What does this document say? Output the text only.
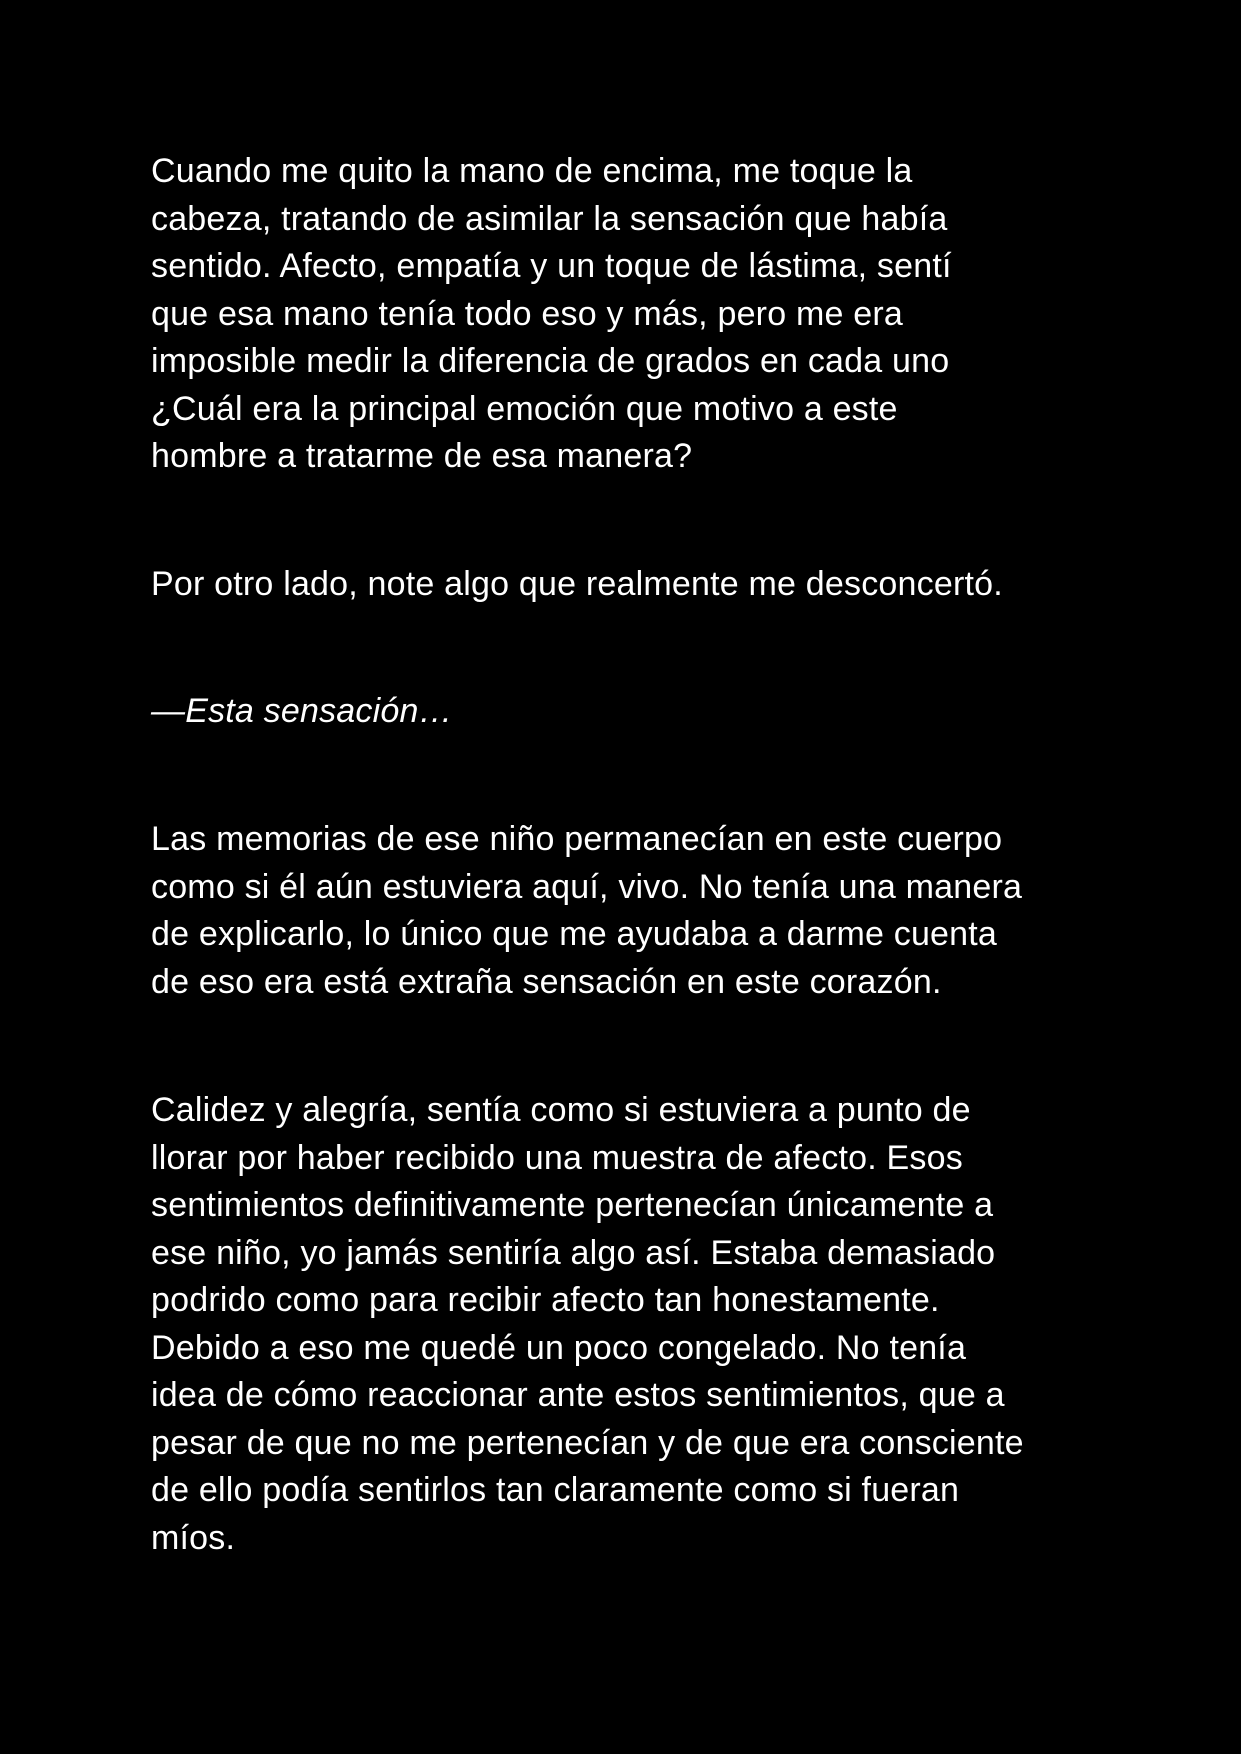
Cuando me quito la mano de encima, me toque la
cabeza, tratando de asimilar la sensación que había
sentido. Afecto, empatía y un toque de lástima, sentí
que esa mano tenía todo eso y más, pero me era
imposible medir la diferencia de grados en cada uno
¿Cuál era la principal emoción que motivo a este
hombre a tratarme de esa manera?

Por otro lado, note algo que realmente me desconcertó.

—Esta sensación…

Las memorias de ese niño permanecían en este cuerpo
como si él aún estuviera aquí, vivo. No tenía una manera
de explicarlo, lo único que me ayudaba a darme cuenta
de eso era está extraña sensación en este corazón.

Calidez y alegría, sentía como si estuviera a punto de
llorar por haber recibido una muestra de afecto. Esos
sentimientos definitivamente pertenecían únicamente a
ese niño, yo jamás sentiría algo así. Estaba demasiado
podrido como para recibir afecto tan honestamente.
Debido a eso me quedé un poco congelado. No tenía
idea de cómo reaccionar ante estos sentimientos, que a
pesar de que no me pertenecían y de que era consciente
de ello podía sentirlos tan claramente como si fueran
míos.
